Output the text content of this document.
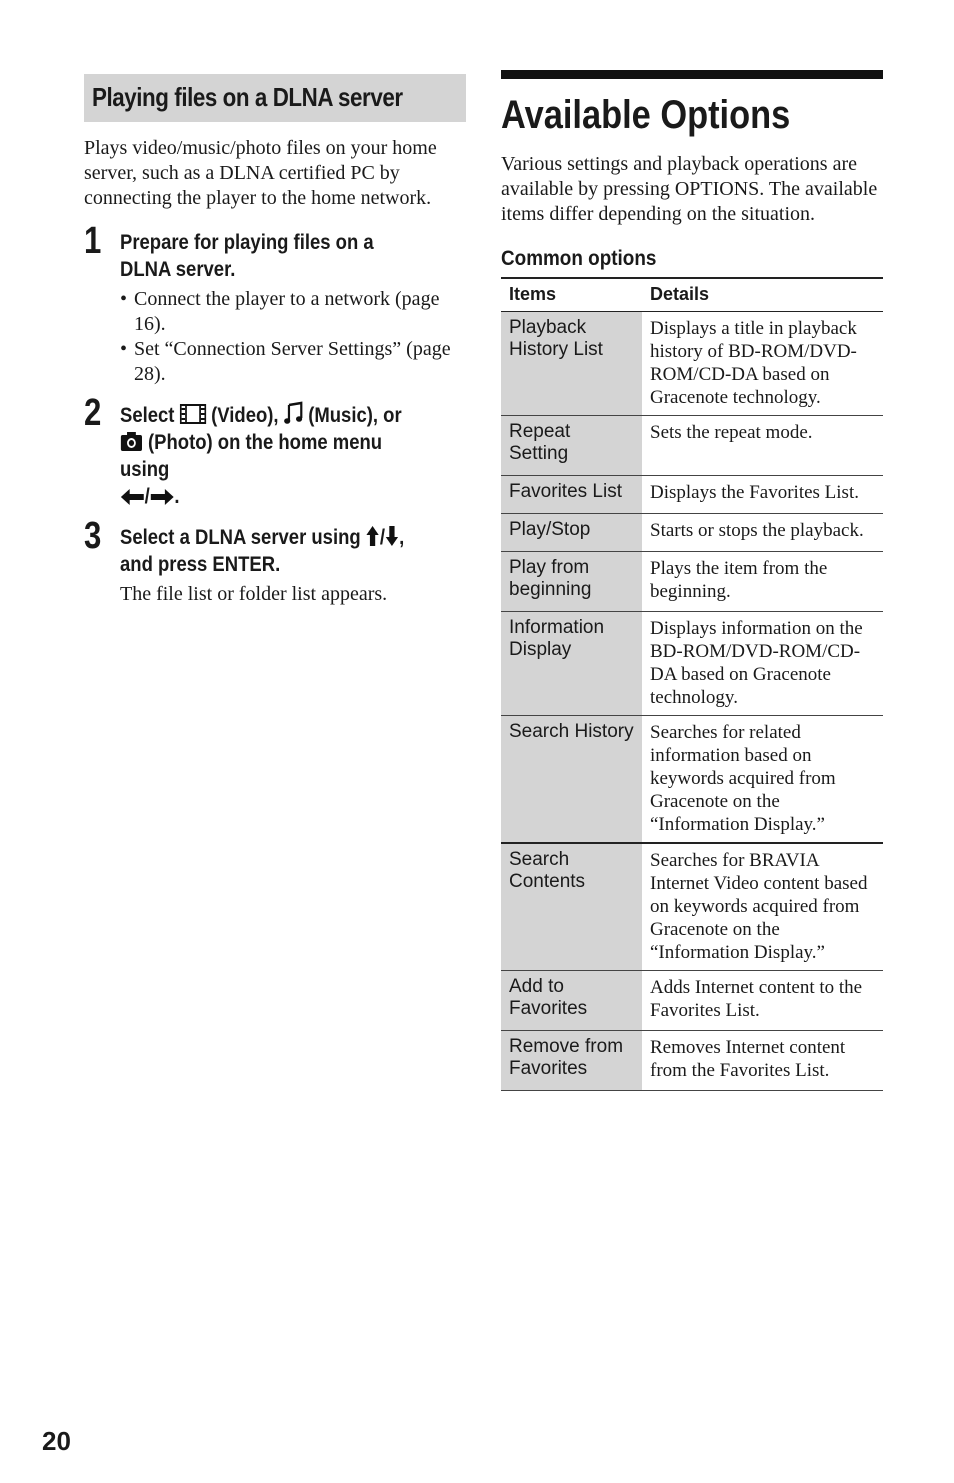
Playing files on a DLNA server
Plays video/music/photo files on your home server, such as a DLNA certified PC by connecting the player to the home network.
1 Prepare for playing files on a DLNA server.
• Connect the player to a network (page 16).
• Set “Connection Server Settings” (page 28).
2 Select (Video), (Music), or
(Photo) on the home menu using
/ .
3 Select a DLNA server using / , and press ENTER.
The file list or folder list appears.
Available Options
Various settings and playback operations are available by pressing OPTIONS. The available items differ depending on the situation.
Common options
Items	Details
Playback History List	Displays a title in playback history of BD-ROM/DVD-ROM/CD-DA based on Gracenote technology.
Repeat Setting	Sets the repeat mode.
Favorites List	Displays the Favorites List.
Play/Stop	Starts or stops the playback.
Play from beginning	Plays the item from the beginning.
Information Display	Displays information on the BD-ROM/DVD-ROM/CD-DA based on Gracenote technology.
Search History	Searches for related information based on keywords acquired from Gracenote on the “Information Display.”
Search Contents	Searches for BRAVIA Internet Video content based on keywords acquired from Gracenote on the “Information Display.”
Add to Favorites	Adds Internet content to the Favorites List.
Remove from Favorites	Removes Internet content from the Favorites List.
20
